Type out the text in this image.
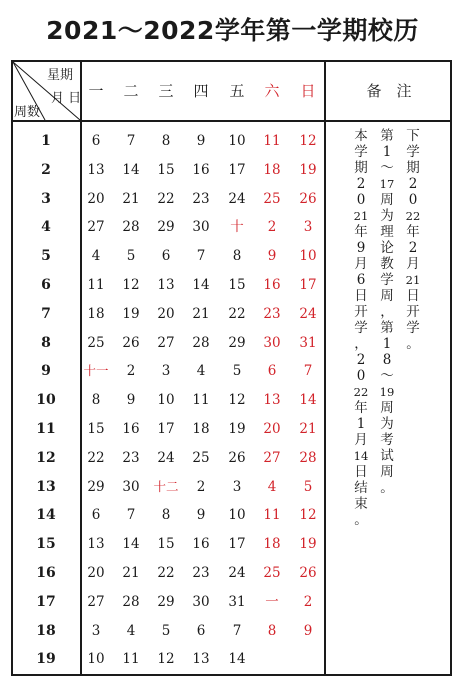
2021～2022学年第一学期校历
星期
月 日
周数
一	二	三	四	五	六	日	备　注
1	6	7	8	9	10	11	12
2	13	14	15	16	17	18	19
3	20	21	22	23	24	25	26
4	27	28	29	30	十	2	3
5	4	5	6	7	8	9	10
6	11	12	13	14	15	16	17
7	18	19	20	21	22	23	24
8	25	26	27	28	29	30	31
9	十一	2	3	4	5	6	7
10	8	9	10	11	12	13	14
11	15	16	17	18	19	20	21
12	22	23	24	25	26	27	28
13	29	30	十二	2	3	4	5
14	6	7	8	9	10	11	12
15	13	14	15	16	17	18	19
16	20	21	22	23	24	25	26
17	27	28	29	30	31	一	2
18	3	4	5	6	7	8	9
19	10	11	12	13	14
本
学
期
2
0
21
年
9
月
6
日
开
学
，
2
0
22
年
1
月
14
日
结
束
。
第
1
～
17
周
为
理
论
教
学
周
，
第
1
8
～
19
周
为
考
试
周
。
下
学
期
2
0
22
年
2
月
21
日
开
学
。
